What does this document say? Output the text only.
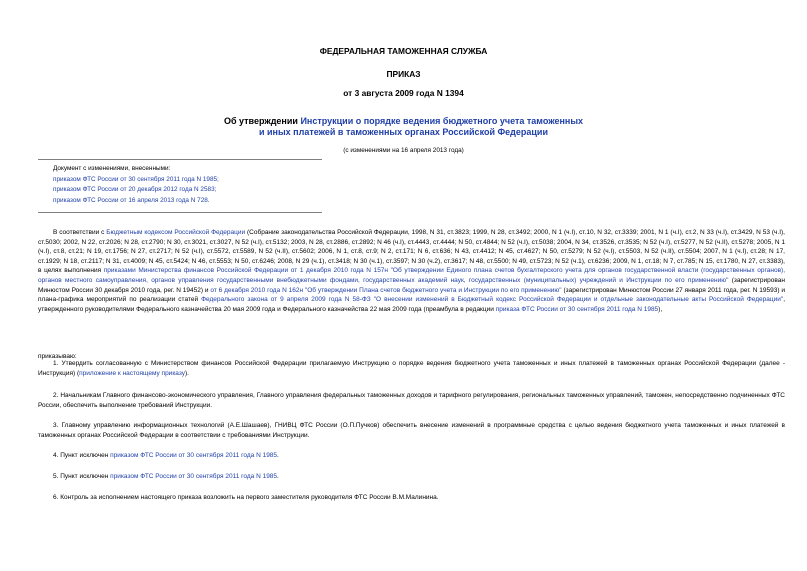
ФЕДЕРАЛЬНАЯ ТАМОЖЕННАЯ СЛУЖБА
ПРИКАЗ
от 3 августа 2009 года N 1394
Об утверждении Инструкции о порядке ведения бюджетного учета таможенных
и иных платежей в таможенных органах Российской Федерации
(с изменениями на 16 апреля 2013 года)
Документ с изменениями, внесенными:
приказом ФТС России от 30 сентября 2011 года N 1985;
приказом ФТС России от 20 декабря 2012 года N 2583;
приказом ФТС России от 16 апреля 2013 года N 728.
В соответствии с Бюджетным кодексом Российской Федерации (Собрание законодательства Российской Федерации, 1998, N 31, ст.3823; 1999, N 28, ст.3492; 2000, N 1 (ч.I), ст.10, N 32, ст.3339; 2001, N 1 (ч.I), ст.2, N 33 (ч.I), ст.3429, N 53 (ч.I), ст.5030; 2002, N 22, ст.2026; N 28, ст.2790; N 30, ст.3021, ст.3027, N 52 (ч.I), ст.5132; 2003, N 28, ст.2886, ст.2892; N 46 (ч.I), ст.4443, ст.4444; N 50, ст.4844; N 52 (ч.I), ст.5038; 2004, N 34, ст.3526, ст.3535; N 52 (ч.I), ст.5277, N 52 (ч.II), ст.5278; 2005, N 1 (ч.I), ст.8, ст.21; N 19, ст.1756; N 27, ст.2717; N 52 (ч.I), ст.5572, ст.5589, N 52 (ч.II), ст.5602; 2006, N 1, ст.8, ст.9; N 2, ст.171; N 6, ст.636; N 43, ст.4412; N 45, ст.4627; N 50, ст.5279; N 52 (ч.I), ст.5503, N 52 (ч.II), ст.5504; 2007, N 1 (ч.I), ст.28; N 17, ст.1929; N 18, ст.2117; N 31, ст.4009; N 45, ст.5424; N 46, ст.5553; N 50, ст.6246; 2008, N 29 (ч.1), ст.3418; N 30 (ч.1), ст.3597; N 30 (ч.2), ст.3617; N 48, ст.5500; N 49, ст.5723; N 52 (ч.1), ст.6236; 2009, N 1, ст.18; N 7, ст.785; N 15, ст.1780, N 27, ст.3383), в целях выполнения приказами Министерства финансов Российской Федерации от 1 декабря 2010 года N 157н "Об утверждении Единого плана счетов бухгалтерского учета для органов государственной власти (государственных органов), органов местного самоуправления, органов управления государственными внебюджетными фондами, государственных академий наук, государственных (муниципальных) учреждений и Инструкции по его применению" (зарегистрирован Минюстом России 30 декабря 2010 года, рег. N 19452) и от 6 декабря 2010 года N 162н "Об утверждении Плана счетов бюджетного учета и Инструкции по его применению" (зарегистрирован Минюстом России 27 января 2011 года, рег. N 19593) и плана-графика мероприятий по реализации статей Федерального закона от 9 апреля 2009 года N 58-ФЗ "О внесении изменений в Бюджетный кодекс Российской Федерации и отдельные законодательные акты Российской Федерации", утвержденного руководителями Федерального казначейства 20 мая 2009 года и Федерального казначейства 22 мая 2009 года (преамбула в редакции приказа ФТС России от 30 сентября 2011 года N 1985),
приказываю:
1. Утвердить согласованную с Министерством финансов Российской Федерации прилагаемую Инструкцию о порядке ведения бюджетного учета таможенных и иных платежей в таможенных органах Российской Федерации (далее - Инструкция) (приложение к настоящему приказу).
2. Начальникам Главного финансово-экономического управления, Главного управления федеральных таможенных доходов и тарифного регулирования, региональных таможенных управлений, таможен, непосредственно подчиненных ФТС России, обеспечить выполнение требований Инструкции.
3. Главному управлению информационных технологий (А.Е.Шашаев), ГНИВЦ ФТС России (О.П.Пучков) обеспечить внесение изменений в программные средства с целью ведения бюджетного учета таможенных и иных платежей в таможенных органах Российской Федерации в соответствии с требованиями Инструкции.
4. Пункт исключен приказом ФТС России от 30 сентября 2011 года N 1985.
5. Пункт исключен приказом ФТС России от 30 сентября 2011 года N 1985.
6. Контроль за исполнением настоящего приказа возложить на первого заместителя руководителя ФТС России В.М.Малинина.
